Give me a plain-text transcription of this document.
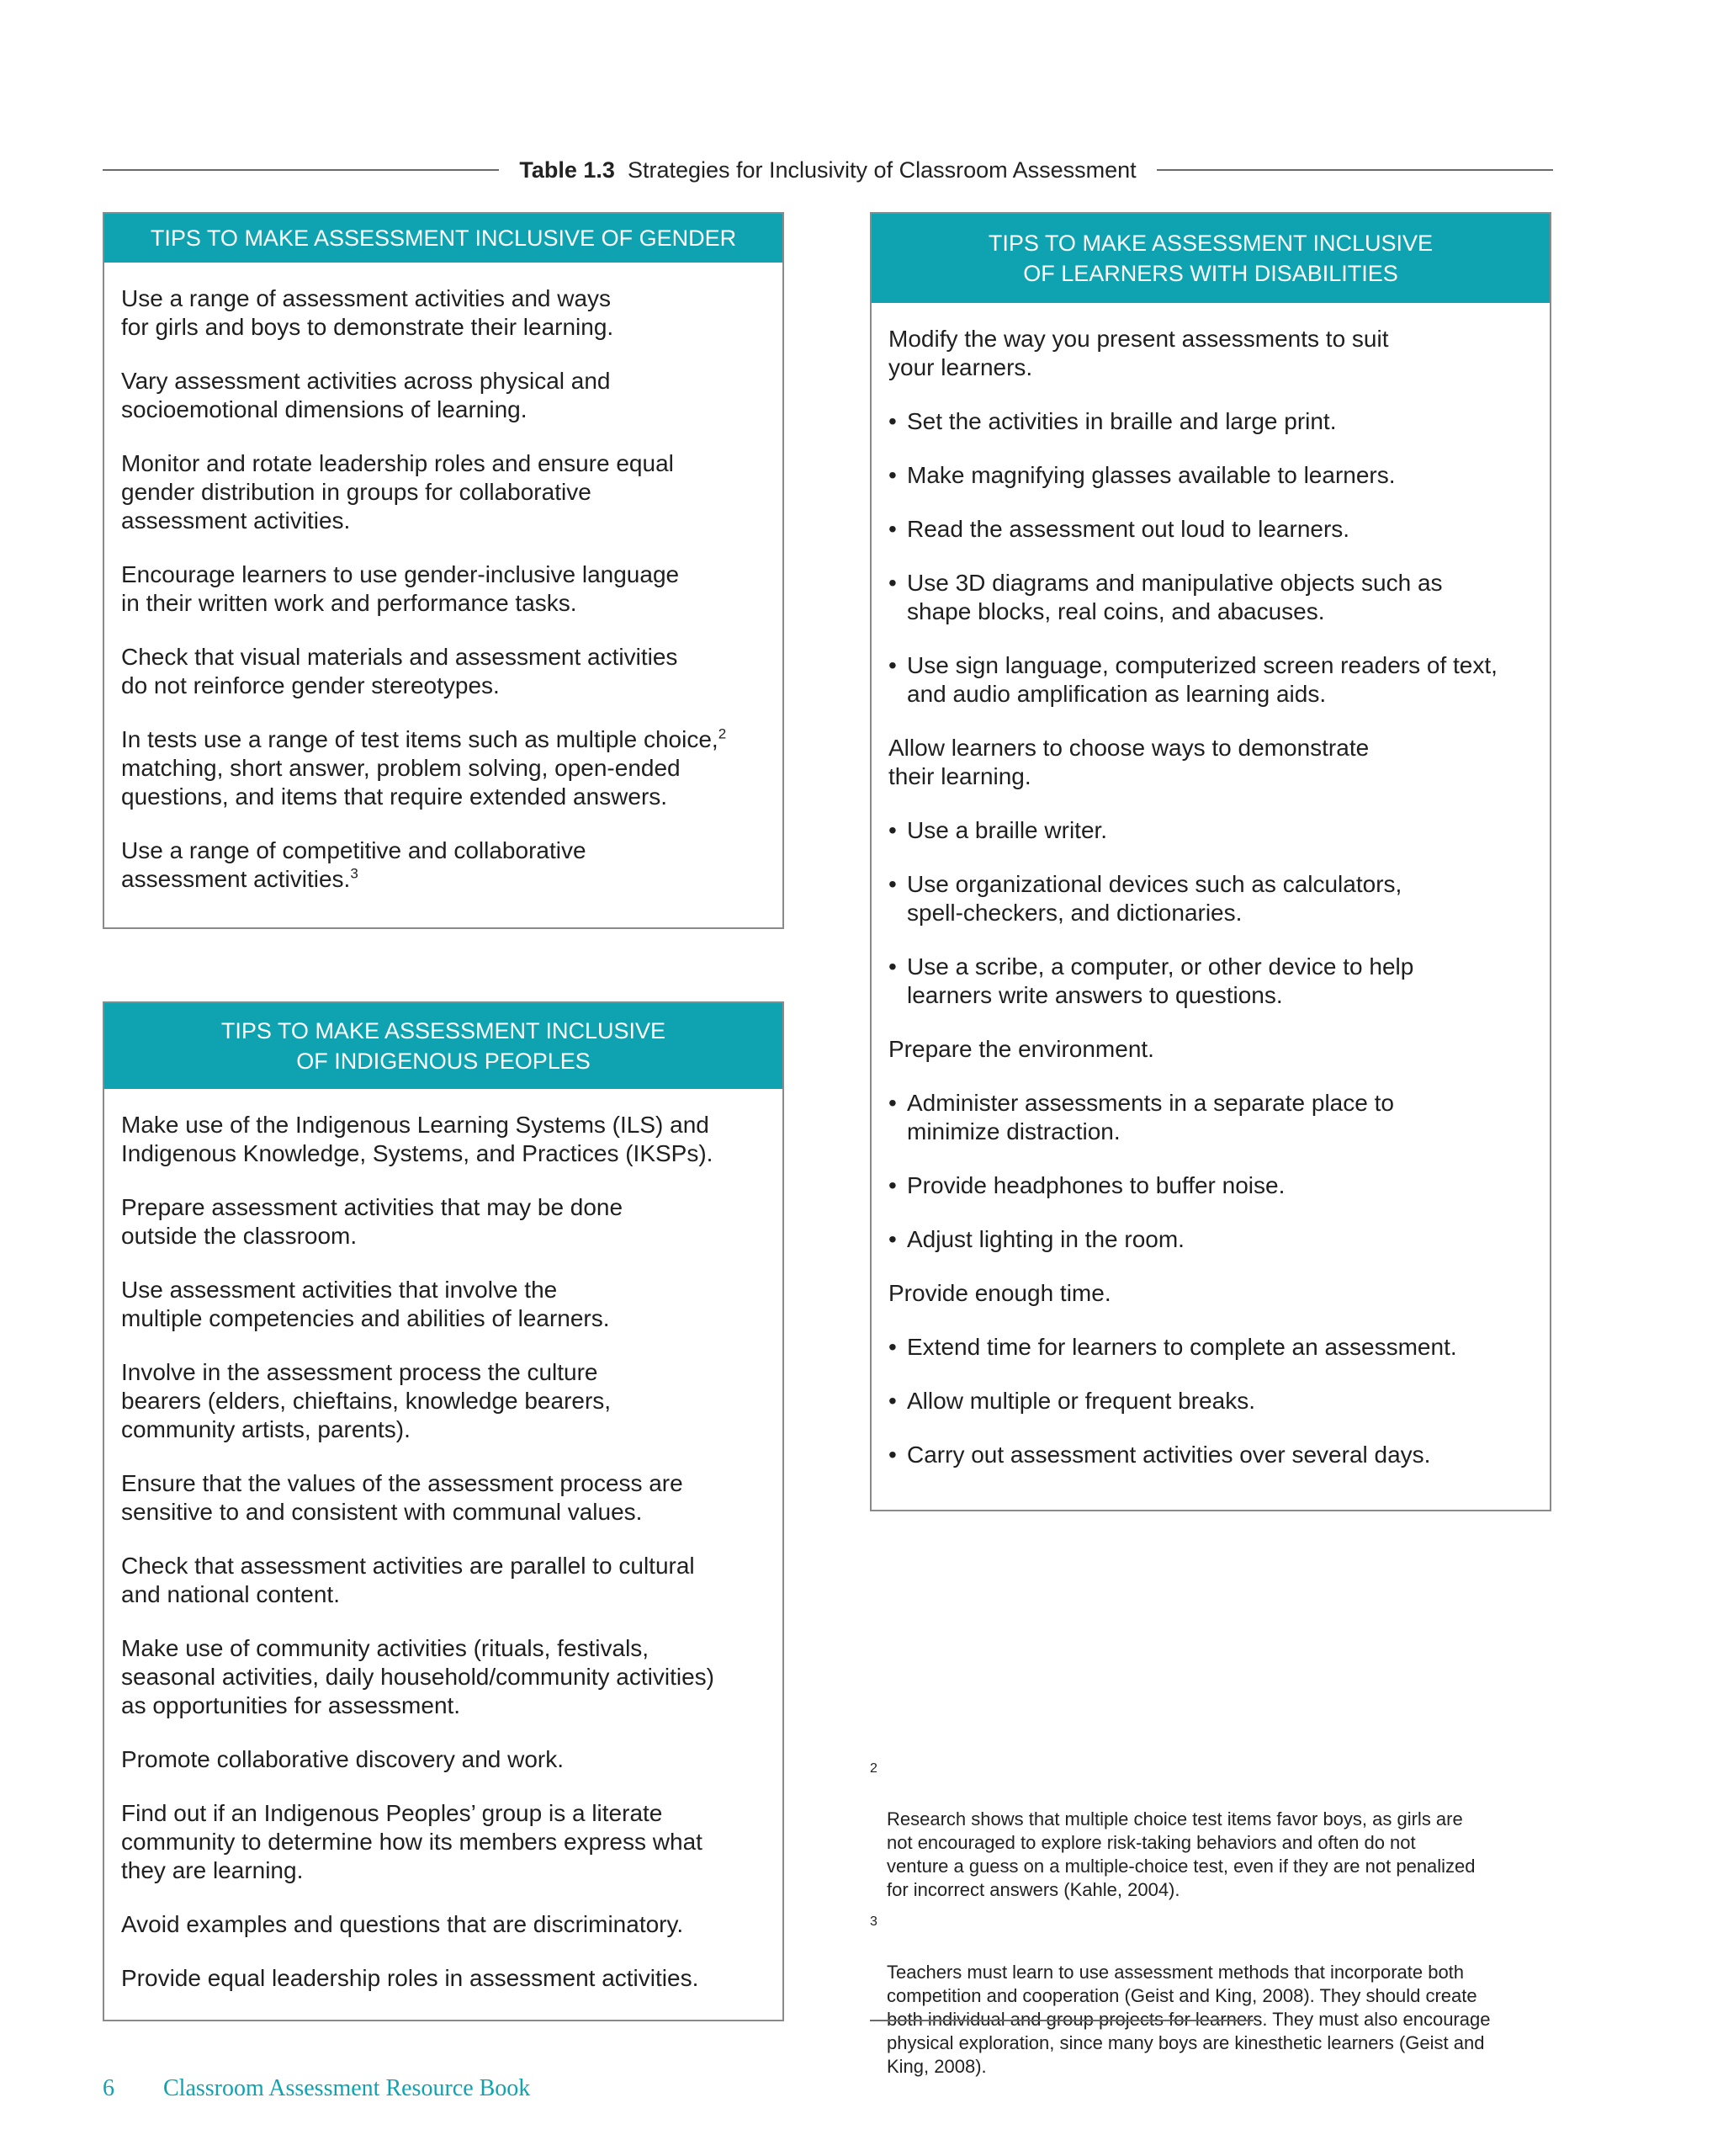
Table 1.3 Strategies for Inclusivity of Classroom Assessment
TIPS TO MAKE ASSESSMENT INCLUSIVE OF GENDER

Use a range of assessment activities and ways
for girls and boys to demonstrate their learning.

Vary assessment activities across physical and
socioemotional dimensions of learning.

Monitor and rotate leadership roles and ensure equal
gender distribution in groups for collaborative
assessment activities.

Encourage learners to use gender-inclusive language
in their written work and performance tasks.

Check that visual materials and assessment activities
do not reinforce gender stereotypes.

In tests use a range of test items such as multiple choice,$^2$
matching, short answer, problem solving, open-ended
questions, and items that require extended answers.

Use a range of competitive and collaborative
assessment activities.$^3$

TIPS TO MAKE ASSESSMENT INCLUSIVE
OF INDIGENOUS PEOPLES

Make use of the Indigenous Learning Systems (ILS) and
Indigenous Knowledge, Systems, and Practices (IKSPs).

Prepare assessment activities that may be done
outside the classroom.

Use assessment activities that involve the
multiple competencies and abilities of learners.

Involve in the assessment process the culture
bearers (elders, chieftains, knowledge bearers,
community artists, parents).

Ensure that the values of the assessment process are
sensitive to and consistent with communal values.

Check that assessment activities are parallel to cultural
and national content.

Make use of community activities (rituals, festivals,
seasonal activities, daily household/community activities)
as opportunities for assessment.

Promote collaborative discovery and work.

Find out if an Indigenous Peoples’ group is a literate
community to determine how its members express what
they are learning.

Avoid examples and questions that are discriminatory.

Provide equal leadership roles in assessment activities.

TIPS TO MAKE ASSESSMENT INCLUSIVE
OF LEARNERS WITH DISABILITIES

Modify the way you present assessments to suit
your learners.

• Set the activities in braille and large print.
• Make magnifying glasses available to learners.
• Read the assessment out loud to learners.
• Use 3D diagrams and manipulative objects such as
shape blocks, real coins, and abacuses.
• Use sign language, computerized screen readers of text,
and audio amplification as learning aids.

Allow learners to choose ways to demonstrate
their learning.

• Use a braille writer.
• Use organizational devices such as calculators,
spell-checkers, and dictionaries.
• Use a scribe, a computer, or other device to help
learners write answers to questions.

Prepare the environment.

• Administer assessments in a separate place to
minimize distraction.
• Provide headphones to buffer noise.
• Adjust lighting in the room.

Provide enough time.

• Extend time for learners to complete an assessment.
• Allow multiple or frequent breaks.
• Carry out assessment activities over several days.

2

Research shows that multiple choice test items favor boys, as girls are
not encouraged to explore risk-taking behaviors and often do not
venture a guess on a multiple-choice test, even if they are not penalized
for incorrect answers (Kahle, 2004).

3

Teachers must learn to use assessment methods that incorporate both
competition and cooperation (Geist and King, 2008). They should create
both individual and group projects for learners. They must also encourage
physical exploration, since many boys are kinesthetic learners (Geist and
King, 2008).

6 Classroom Assessment Resource Book
